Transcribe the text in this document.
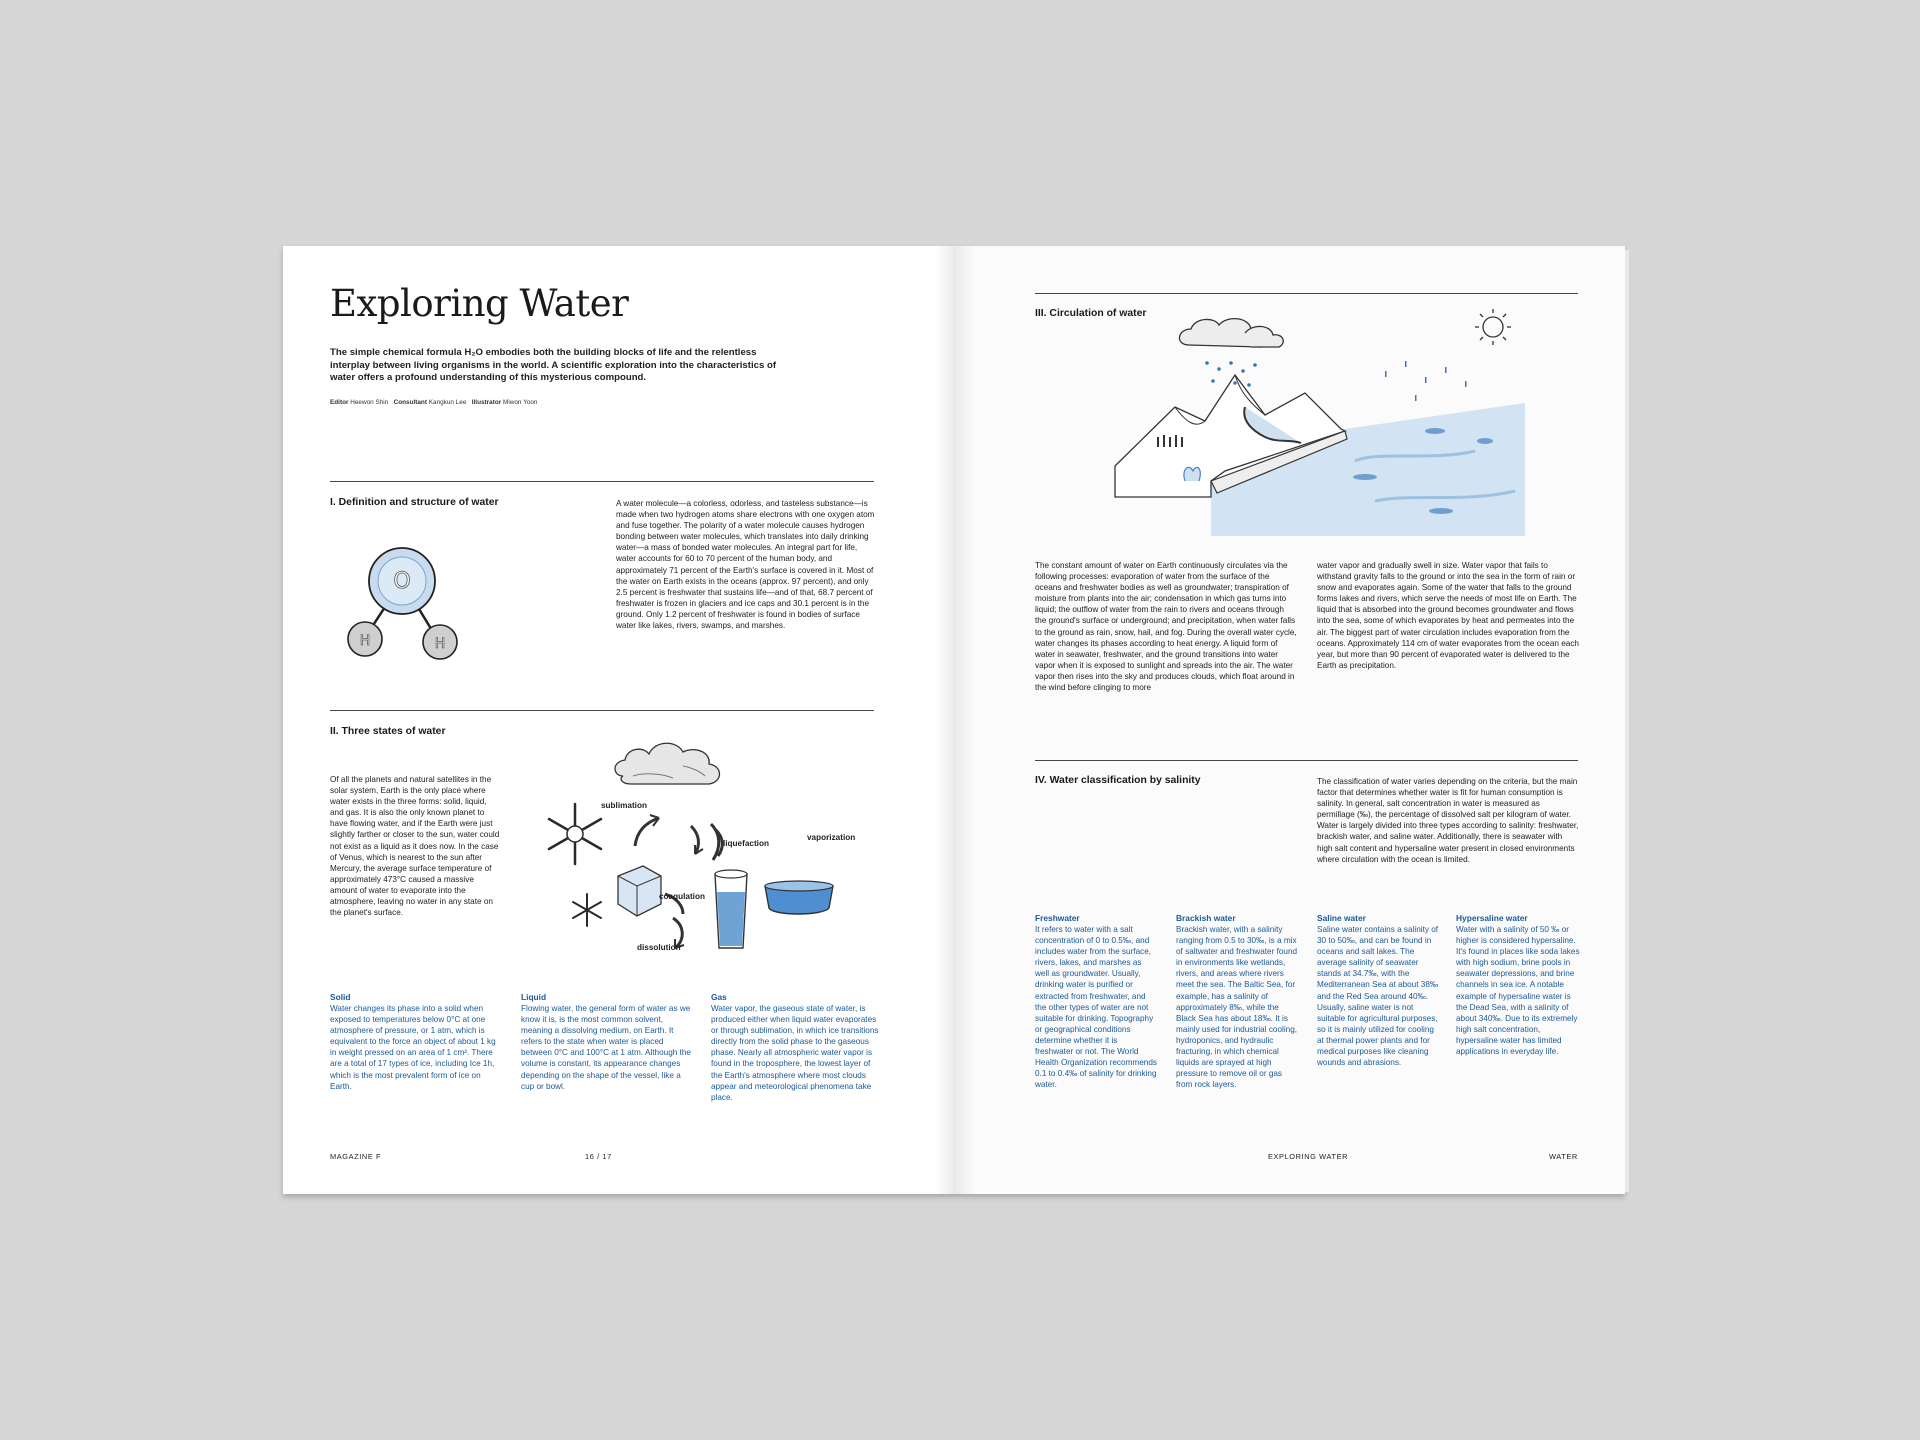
Exploring Water
The simple chemical formula H₂O embodies both the building blocks of life and the relentless interplay between living organisms in the world. A scientific exploration into the characteristics of water offers a profound understanding of this mysterious compound.
Editor Heewon Shin Consultant Kangkun Lee Illustrator Miwon Yoon
I. Definition and structure of water	A water molecule—a colorless, odorless, and tasteless substance—is made when two hydrogen atoms share electrons with one oxygen atom and fuse together. The polarity of a water molecule causes hydrogen bonding between water molecules, which translates into daily drinking water—a mass of bonded water molecules. An integral part for life, water accounts for 60 to 70 percent of the human body, and approximately 71 percent of the Earth's surface is covered in it. Most of the water on Earth exists in the oceans (approx. 97 percent), and only 2.5 percent is freshwater that sustains life—and of that, 68.7 percent of freshwater is frozen in glaciers and ice caps and 30.1 percent is in the ground. Only 1.2 percent of freshwater is found in bodies of surface water like lakes, rivers, swamps, and marshes.
O
H	H
II. Three states of water
Of all the planets and natural satellites in the solar system, Earth is the only place where water exists in the three forms: solid, liquid, and gas. It is also the only known planet to have flowing water, and if the Earth were just slightly farther or closer to the sun, water could not exist as a liquid as it does now. In the case of Venus, which is nearest to the sun after Mercury, the average surface temperature of approximately 473°C caused a massive amount of water to evaporate into the atmosphere, leaving no water in any state on the planet's surface.
sublimation
liquefaction
vaporization
coagulation
dissolution
Solid
Water changes its phase into a solid when exposed to temperatures below 0°C at one atmosphere of pressure, or 1 atm, which is equivalent to the force an object of about 1 kg in weight pressed on an area of 1 cm². There are a total of 17 types of ice, including Ice 1h, which is the most prevalent form of ice on Earth.
Liquid
Flowing water, the general form of water as we know it is, is the most common solvent, meaning a dissolving medium, on Earth. It refers to the state when water is placed between 0°C and 100°C at 1 atm. Although the volume is constant, its appearance changes depending on the shape of the vessel, like a cup or bowl.
Gas
Water vapor, the gaseous state of water, is produced either when liquid water evaporates or through sublimation, in which ice transitions directly from the solid phase to the gaseous phase. Nearly all atmospheric water vapor is found in the troposphere, the lowest layer of the Earth's atmosphere where most clouds appear and meteorological phenomena take place.
MAGAZINE F	16 / 17
III. Circulation of water
The constant amount of water on Earth continuously circulates via the following processes: evaporation of water from the surface of the oceans and freshwater bodies as well as groundwater; transpiration of moisture from plants into the air; condensation in which gas turns into liquid; the outflow of water from the rain to rivers and oceans through the ground's surface or underground; and precipitation, when water falls to the ground as rain, snow, hail, and fog. During the overall water cycle, water changes its phases according to heat energy. A liquid form of water in seawater, freshwater, and the ground transitions into water vapor when it is exposed to sunlight and spreads into the air. The water vapor then rises into the sky and produces clouds, which float around in the wind before clinging to more
water vapor and gradually swell in size. Water vapor that fails to withstand gravity falls to the ground or into the sea in the form of rain or snow and evaporates again. Some of the water that falls to the ground forms lakes and rivers, which serve the needs of most life on Earth. The liquid that is absorbed into the ground becomes groundwater and flows into the sea, some of which evaporates by heat and permeates into the air. The biggest part of water circulation includes evaporation from the oceans. Approximately 114 cm of water evaporates from the ocean each year, but more than 90 percent of evaporated water is delivered to the Earth as precipitation.
IV. Water classification by salinity	The classification of water varies depending on the criteria, but the main factor that determines whether water is fit for human consumption is salinity. In general, salt concentration in water is measured as permillage (‰), the percentage of dissolved salt per kilogram of water. Water is largely divided into three types according to salinity: freshwater, brackish water, and saline water. Additionally, there is seawater with high salt content and hypersaline water present in closed environments where circulation with the ocean is limited.
Freshwater
It refers to water with a salt concentration of 0 to 0.5‰, and includes water from the surface, rivers, lakes, and marshes as well as groundwater. Usually, drinking water is purified or extracted from freshwater, and the other types of water are not suitable for drinking. Topography or geographical conditions determine whether it is freshwater or not. The World Health Organization recommends 0.1 to 0.4‰ of salinity for drinking water.
Brackish water
Brackish water, with a salinity ranging from 0.5 to 30‰, is a mix of saltwater and freshwater found in environments like wetlands, rivers, and areas where rivers meet the sea. The Baltic Sea, for example, has a salinity of approximately 8‰, while the Black Sea has about 18‰. It is mainly used for industrial cooling, hydroponics, and hydraulic fracturing, in which chemical liquids are sprayed at high pressure to remove oil or gas from rock layers.
Saline water
Saline water contains a salinity of 30 to 50‰, and can be found in oceans and salt lakes. The average salinity of seawater stands at 34.7‰, with the Mediterranean Sea at about 38‰ and the Red Sea around 40‰. Usually, saline water is not suitable for agricultural purposes, so it is mainly utilized for cooling at thermal power plants and for medical purposes like cleaning wounds and abrasions.
Hypersaline water
Water with a salinity of 50 ‰ or higher is considered hypersaline. It's found in places like soda lakes with high sodium, brine pools in seawater depressions, and brine channels in sea ice. A notable example of hypersaline water is the Dead Sea, with a salinity of about 340‰. Due to its extremely high salt concentration, hypersaline water has limited applications in everyday life.
EXPLORING WATER	WATER
